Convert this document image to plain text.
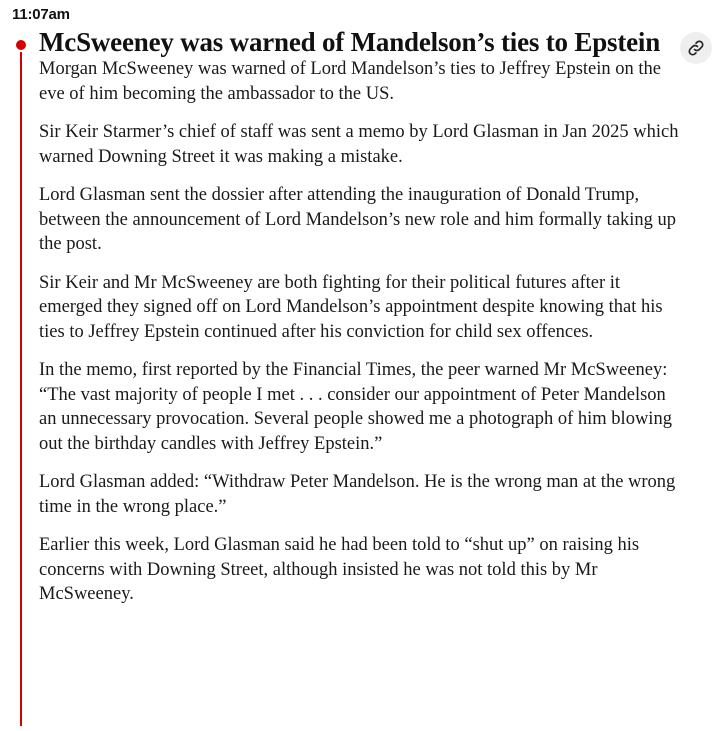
11:07am
McSweeney was warned of Mandelson’s ties to Epstein

Morgan McSweeney was warned of Lord Mandelson’s ties to Jeffrey Epstein on the eve of him becoming the ambassador to the US.

Sir Keir Starmer’s chief of staff was sent a memo by Lord Glasman in Jan 2025 which warned Downing Street it was making a mistake.

Lord Glasman sent the dossier after attending the inauguration of Donald Trump, between the announcement of Lord Mandelson’s new role and him formally taking up the post.

Sir Keir and Mr McSweeney are both fighting for their political futures after it emerged they signed off on Lord Mandelson’s appointment despite knowing that his ties to Jeffrey Epstein continued after his conviction for child sex offences.

In the memo, first reported by the Financial Times, the peer warned Mr McSweeney: “The vast majority of people I met . . . consider our appointment of Peter Mandelson an unnecessary provocation. Several people showed me a photograph of him blowing out the birthday candles with Jeffrey Epstein.”

Lord Glasman added: “Withdraw Peter Mandelson. He is the wrong man at the wrong time in the wrong place.”

Earlier this week, Lord Glasman said he had been told to “shut up” on raising his concerns with Downing Street, although insisted he was not told this by Mr McSweeney.
